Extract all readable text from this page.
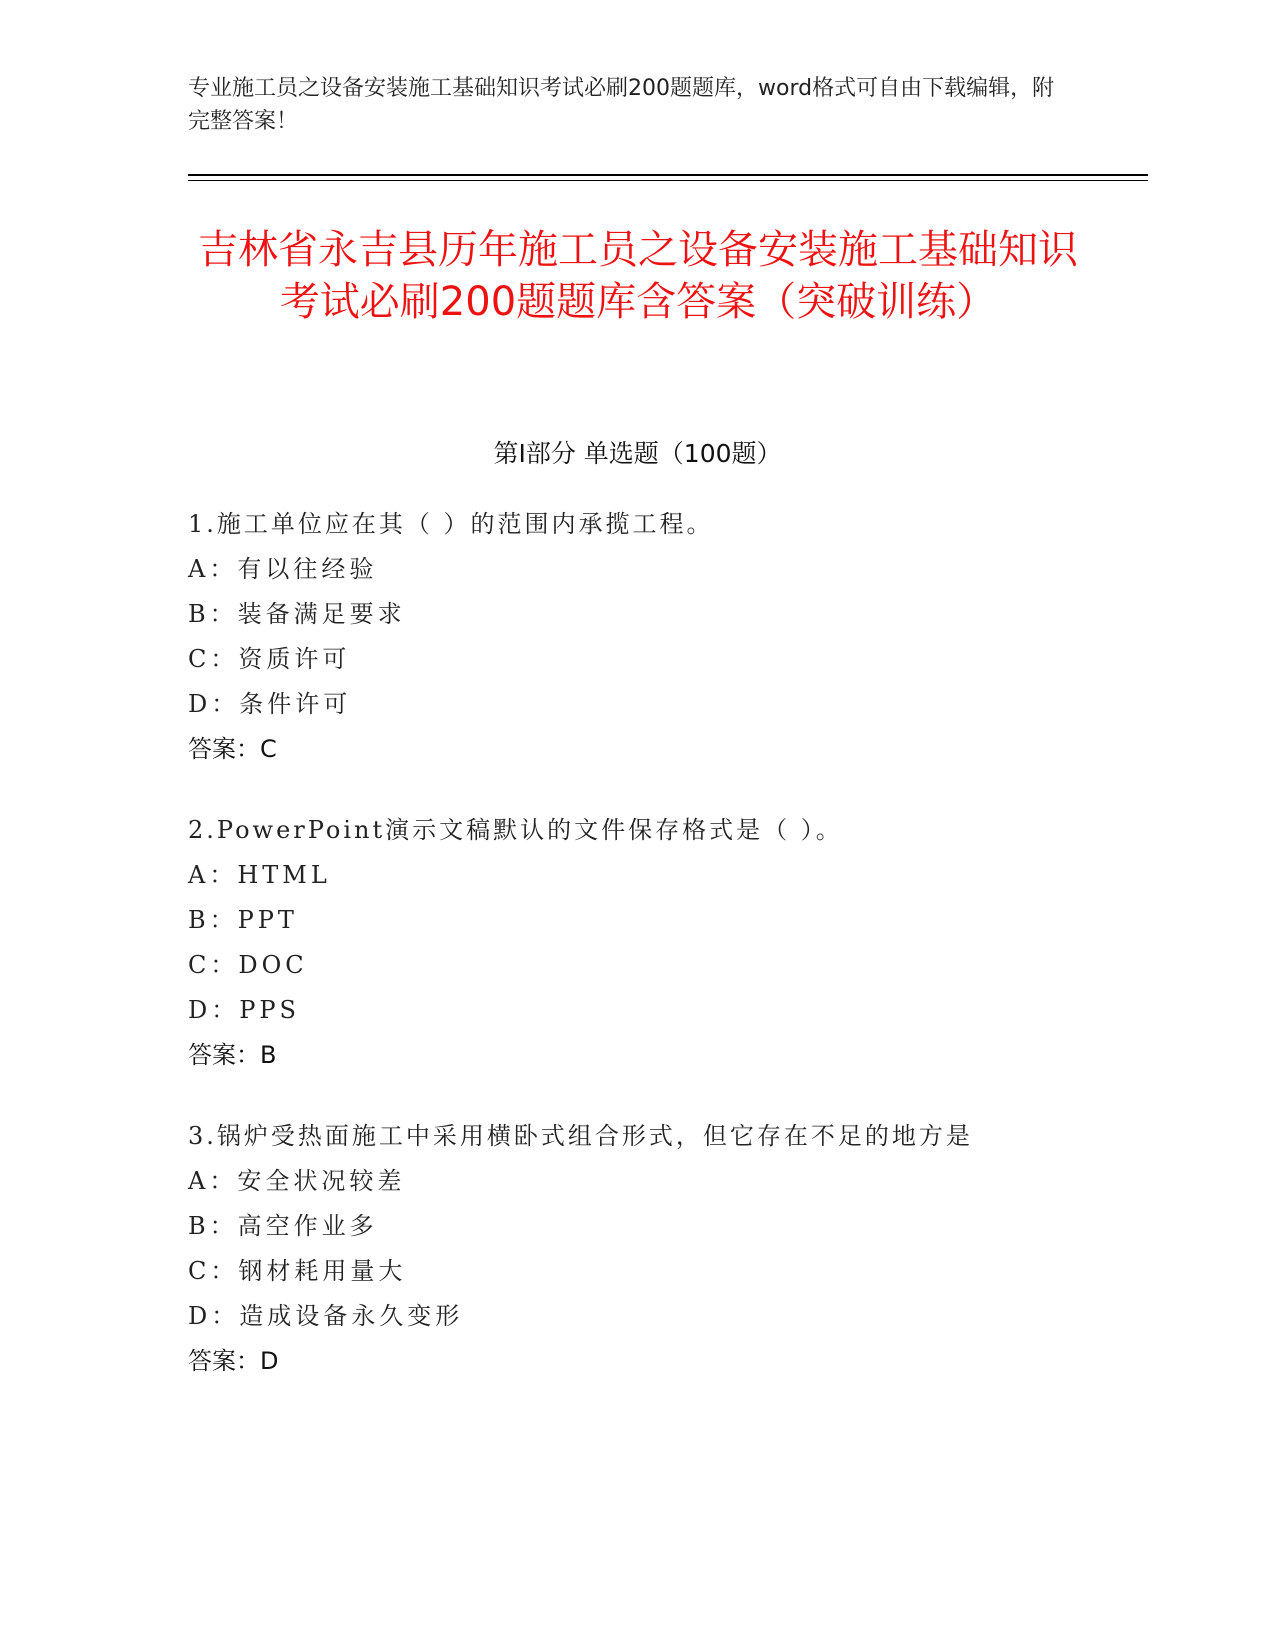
专业施工员之设备安装施工基础知识考试必刷200题题库，word格式可自由下载编辑，附完整答案！
吉林省永吉县历年施工员之设备安装施工基础知识考试必刷200题题库含答案（突破训练）
第Ⅰ部分 单选题（100题）
1.施工单位应在其（ ）的范围内承揽工程。
A：有以往经验
B：装备满足要求
C：资质许可
D：条件许可
答案：C
2.PowerPoint演示文稿默认的文件保存格式是（ ）。
A：HTML
B：PPT
C：DOC
D：PPS
答案：B
3.锅炉受热面施工中采用横卧式组合形式，但它存在不足的地方是
A：安全状况较差
B：高空作业多
C：钢材耗用量大
D：造成设备永久变形
答案：D
